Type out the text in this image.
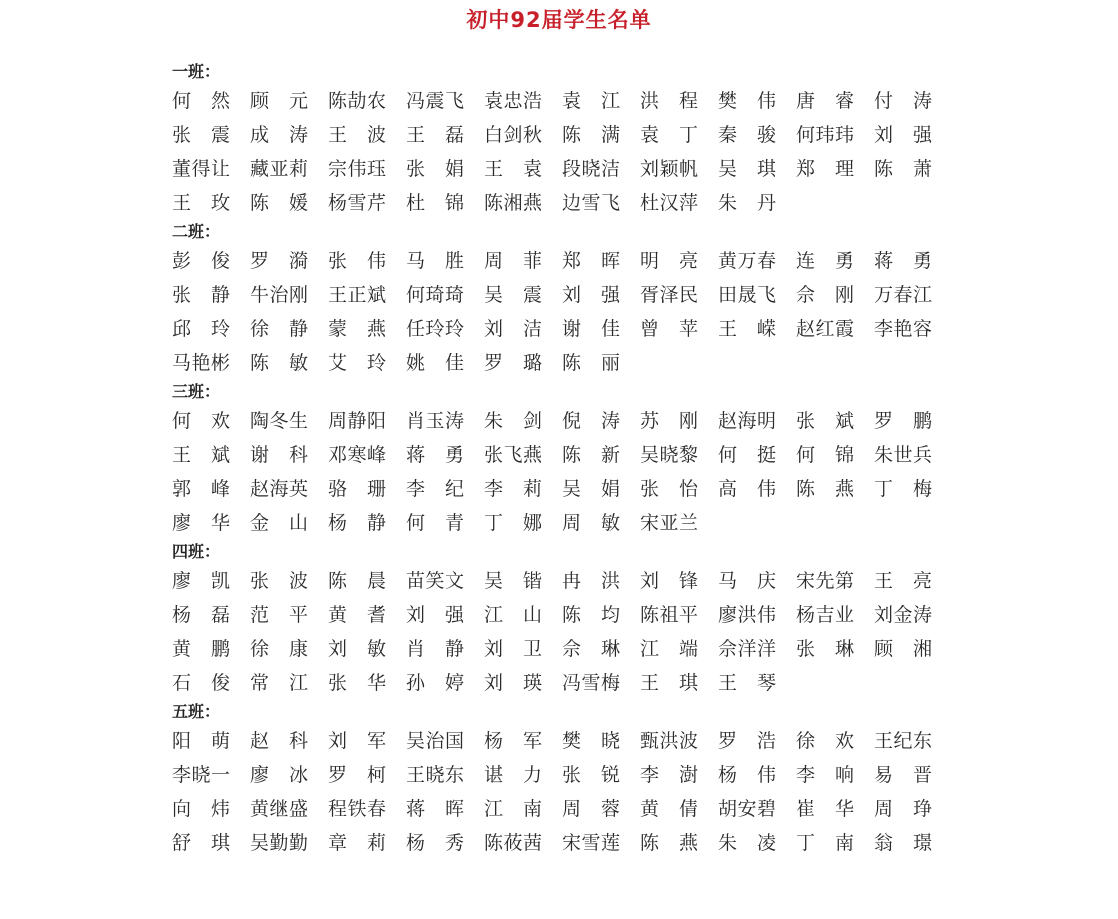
初中92届学生名单
一班：
何 然	顾 元	陈劼农	冯震飞	袁忠浩	袁 江	洪 程	樊 伟	唐 睿	付 涛
张 震	成 涛	王 波	王 磊	白剑秋	陈 满	袁 丁	秦 骏	何玮玮	刘 强
董得让	藏亚莉	宗伟珏	张 娟	王 袁	段晓洁	刘颖帆	吴 琪	郑 理	陈 萧
王 玫	陈 媛	杨雪芹	杜 锦	陈湘燕	边雪飞	杜汉萍	朱 丹
二班：
彭 俊	罗 漪	张 伟	马 胜	周 菲	郑 晖	明 亮	黄万春	连 勇	蒋 勇
张 静	牛治刚	王正斌	何琦琦	吴 震	刘 强	胥泽民	田晟飞	佘 刚	万春江
邱 玲	徐 静	蒙 燕	任玲玲	刘 洁	谢 佳	曾 苹	王 嵘	赵红霞	李艳容
马艳彬	陈 敏	艾 玲	姚 佳	罗 璐	陈 丽
三班：
何 欢	陶冬生	周静阳	肖玉涛	朱 剑	倪 涛	苏 刚	赵海明	张 斌	罗 鹏
王 斌	谢 科	邓寒峰	蒋 勇	张飞燕	陈 新	吴晓黎	何 挺	何 锦	朱世兵
郭 峰	赵海英	骆 珊	李 纪	李 莉	吴 娟	张 怡	高 伟	陈 燕	丁 梅
廖 华	金 山	杨 静	何 青	丁 娜	周 敏	宋亚兰
四班：
廖 凯	张 波	陈 晨	苗笑文	吴 锴	冉 洪	刘 锋	马 庆	宋先第	王 亮
杨 磊	范 平	黄 耆	刘 强	江 山	陈 均	陈祖平	廖洪伟	杨吉业	刘金涛
黄 鹏	徐 康	刘 敏	肖 静	刘 卫	佘 琳	江 端	佘洋洋	张 琳	顾 湘
石 俊	常 江	张 华	孙 婷	刘 瑛	冯雪梅	王 琪	王 琴
五班：
阳 萌	赵 科	刘 军	吴治国	杨 军	樊 晓	甄洪波	罗 浩	徐 欢	王纪东
李晓一	廖 冰	罗 柯	王晓东	谌 力	张 锐	李 澍	杨 伟	李 响	易 晋
向 炜	黄继盛	程铁春	蒋 晖	江 南	周 蓉	黄 倩	胡安碧	崔 华	周 琤
舒 琪	吴勤勤	章 莉	杨 秀	陈莜茜	宋雪莲	陈 燕	朱 凌	丁 南	翁 璟
